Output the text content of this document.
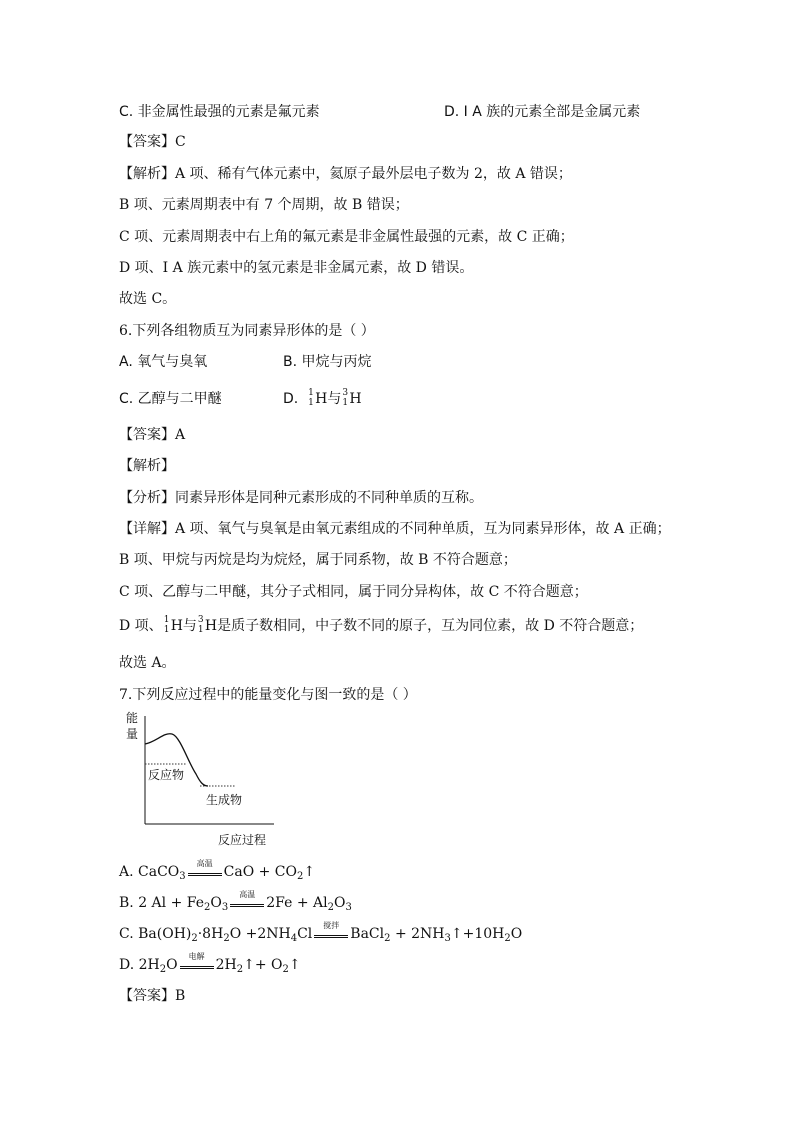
C. 非金属性最强的元素是氟元素	D. Ⅰ A 族的元素全部是金属元素
【答案】C
【解析】A 项、稀有气体元素中，氦原子最外层电子数为 2，故 A 错误；
B 项、元素周期表中有 7 个周期，故 B 错误；
C 项、元素周期表中右上角的氟元素是非金属性最强的元素，故 C 正确；
D 项、Ⅰ A 族元素中的氢元素是非金属元素，故 D 错误。
故选 C。
6.下列各组物质互为同素异形体的是（ ）
A. 氧气与臭氧	B. 甲烷与丙烷
C. 乙醇与二甲醚	D. 1
1 H与 3
1 H
【答案】A
【解析】
【分析】同素异形体是同种元素形成的不同种单质的互称。
【详解】A 项、氧气与臭氧是由氧元素组成的不同种单质，互为同素异形体，故 A 正确；
B 项、甲烷与丙烷是均为烷烃，属于同系物，故 B 不符合题意；
C 项、乙醇与二甲醚，其分子式相同，属于同分异构体，故 C 不符合题意；
D 项、 1
1 H与 3
1 H是质子数相同，中子数不同的原子，互为同位素，故 D 不符合题意；
故选 A。
7.下列反应过程中的能量变化与图一致的是（ ）
能
量
反应物
生成物
反应过程
A. CaCO$_3$
高温
CaO + $CO_2↑$
B. 2 $Al + Fe_2O_3$
高温
$2Fe + Al_2O_3$
C. $Ba(OH)_2\cdot 8H_2O +2NH_4Cl$
搅拌
BaCl$_2$ + $2NH_3↑+10H_2O$
D. $2H_2O$
电解
$2H_2↑+$ $O_2↑$
【答案】B
